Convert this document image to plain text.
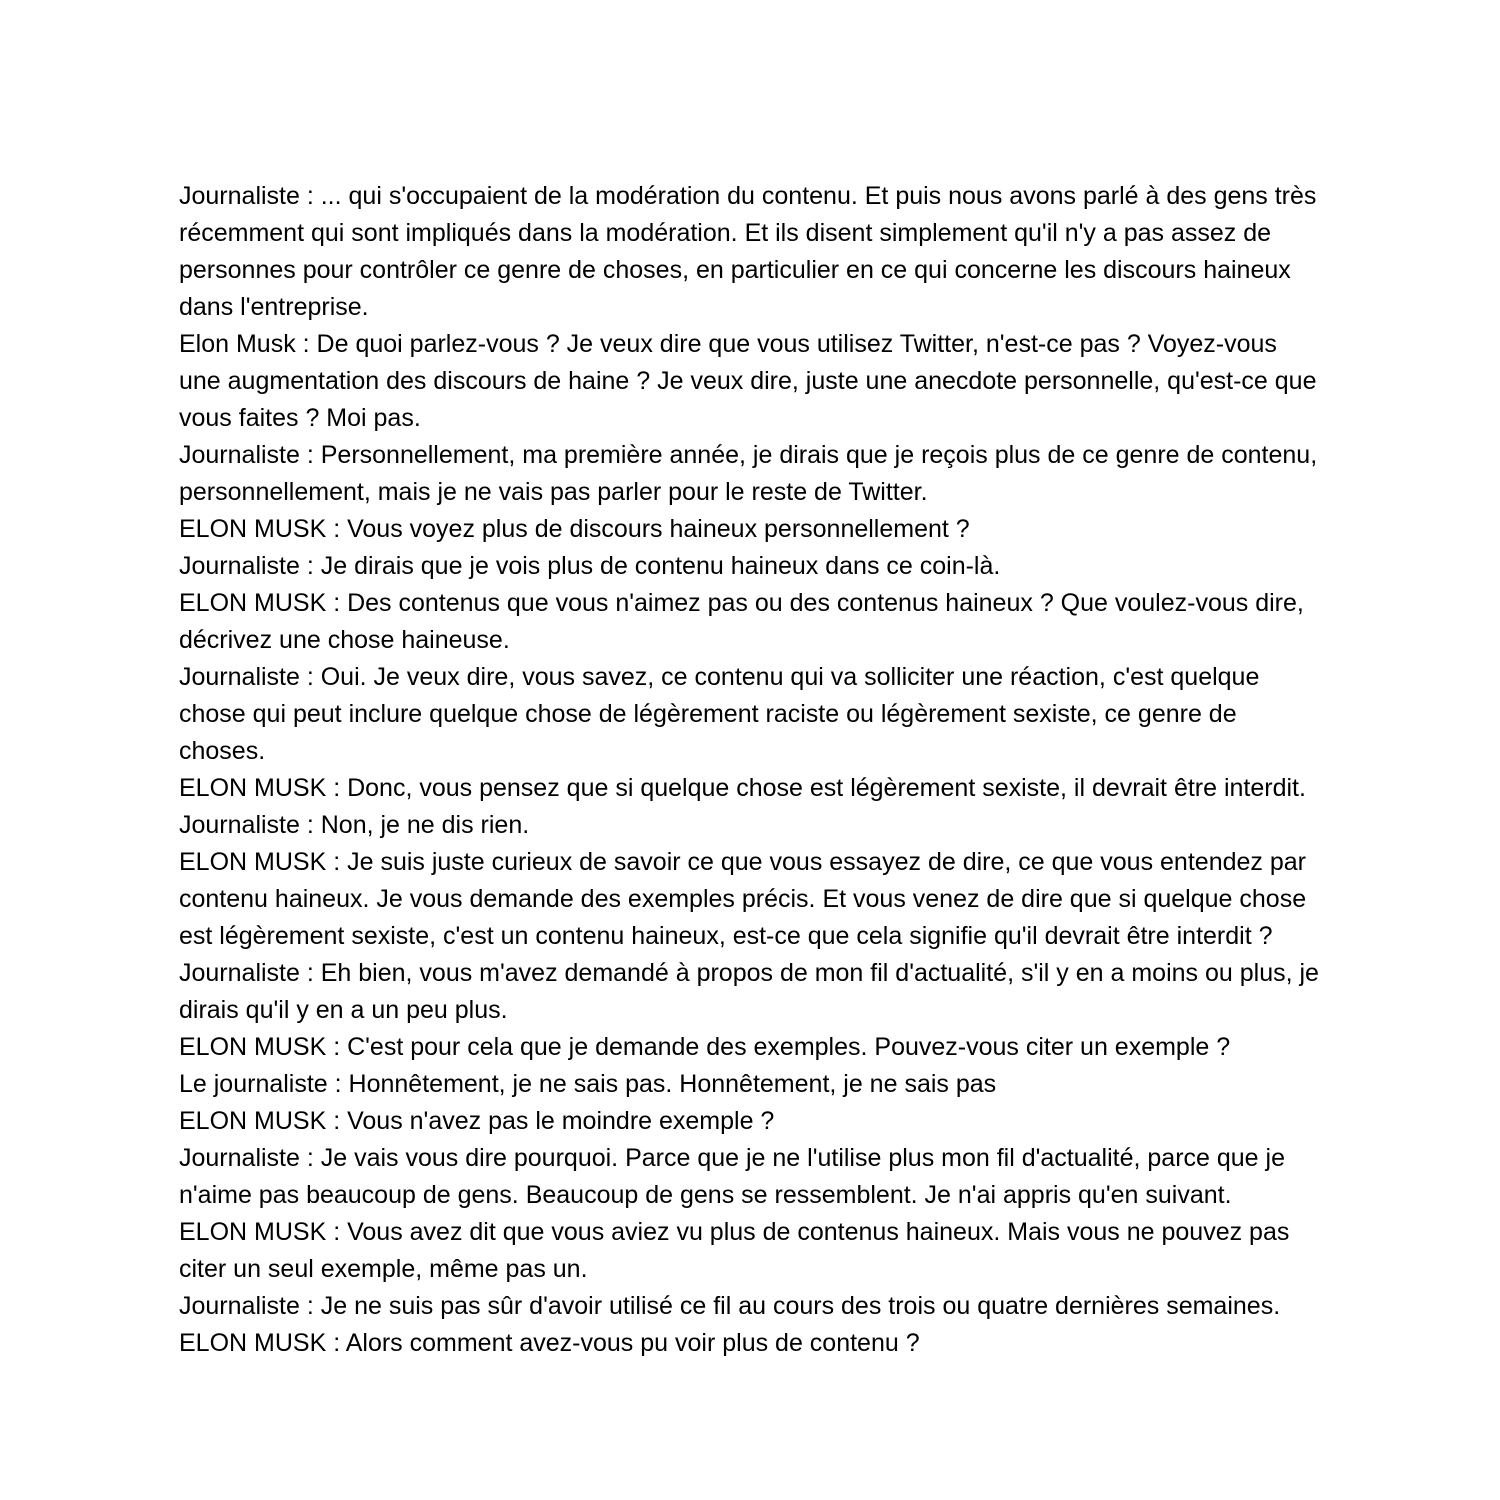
Journaliste : ... qui s'occupaient de la modération du contenu. Et puis nous avons parlé à des gens très récemment qui sont impliqués dans la modération. Et ils disent simplement qu'il n'y a pas assez de personnes pour contrôler ce genre de choses, en particulier en ce qui concerne les discours haineux dans l'entreprise.

Elon Musk : De quoi parlez-vous ? Je veux dire que vous utilisez Twitter, n'est-ce pas ? Voyez-vous une augmentation des discours de haine ? Je veux dire, juste une anecdote personnelle, qu'est-ce que vous faites ? Moi pas.

Journaliste : Personnellement, ma première année, je dirais que je reçois plus de ce genre de contenu, personnellement, mais je ne vais pas parler pour le reste de Twitter.

ELON MUSK : Vous voyez plus de discours haineux personnellement ?

Journaliste : Je dirais que je vois plus de contenu haineux dans ce coin-là.

ELON MUSK : Des contenus que vous n'aimez pas ou des contenus haineux ? Que voulez-vous dire, décrivez une chose haineuse.

Journaliste : Oui. Je veux dire, vous savez, ce contenu qui va solliciter une réaction, c'est quelque chose qui peut inclure quelque chose de légèrement raciste ou légèrement sexiste, ce genre de choses.

ELON MUSK : Donc, vous pensez que si quelque chose est légèrement sexiste, il devrait être interdit.

Journaliste : Non, je ne dis rien.

ELON MUSK : Je suis juste curieux de savoir ce que vous essayez de dire, ce que vous entendez par contenu haineux. Je vous demande des exemples précis. Et vous venez de dire que si quelque chose est légèrement sexiste, c'est un contenu haineux, est-ce que cela signifie qu'il devrait être interdit ?

Journaliste : Eh bien, vous m'avez demandé à propos de mon fil d'actualité, s'il y en a moins ou plus, je dirais qu'il y en a un peu plus.

ELON MUSK : C'est pour cela que je demande des exemples. Pouvez-vous citer un exemple ?

Le journaliste : Honnêtement, je ne sais pas. Honnêtement, je ne sais pas

ELON MUSK : Vous n'avez pas le moindre exemple ?

Journaliste : Je vais vous dire pourquoi. Parce que je ne l'utilise plus mon fil d'actualité, parce que je n'aime pas beaucoup de gens. Beaucoup de gens se ressemblent. Je n'ai appris qu'en suivant.

ELON MUSK : Vous avez dit que vous aviez vu plus de contenus haineux. Mais vous ne pouvez pas citer un seul exemple, même pas un.

Journaliste : Je ne suis pas sûr d'avoir utilisé ce fil au cours des trois ou quatre dernières semaines.

ELON MUSK : Alors comment avez-vous pu voir plus de contenu ?
